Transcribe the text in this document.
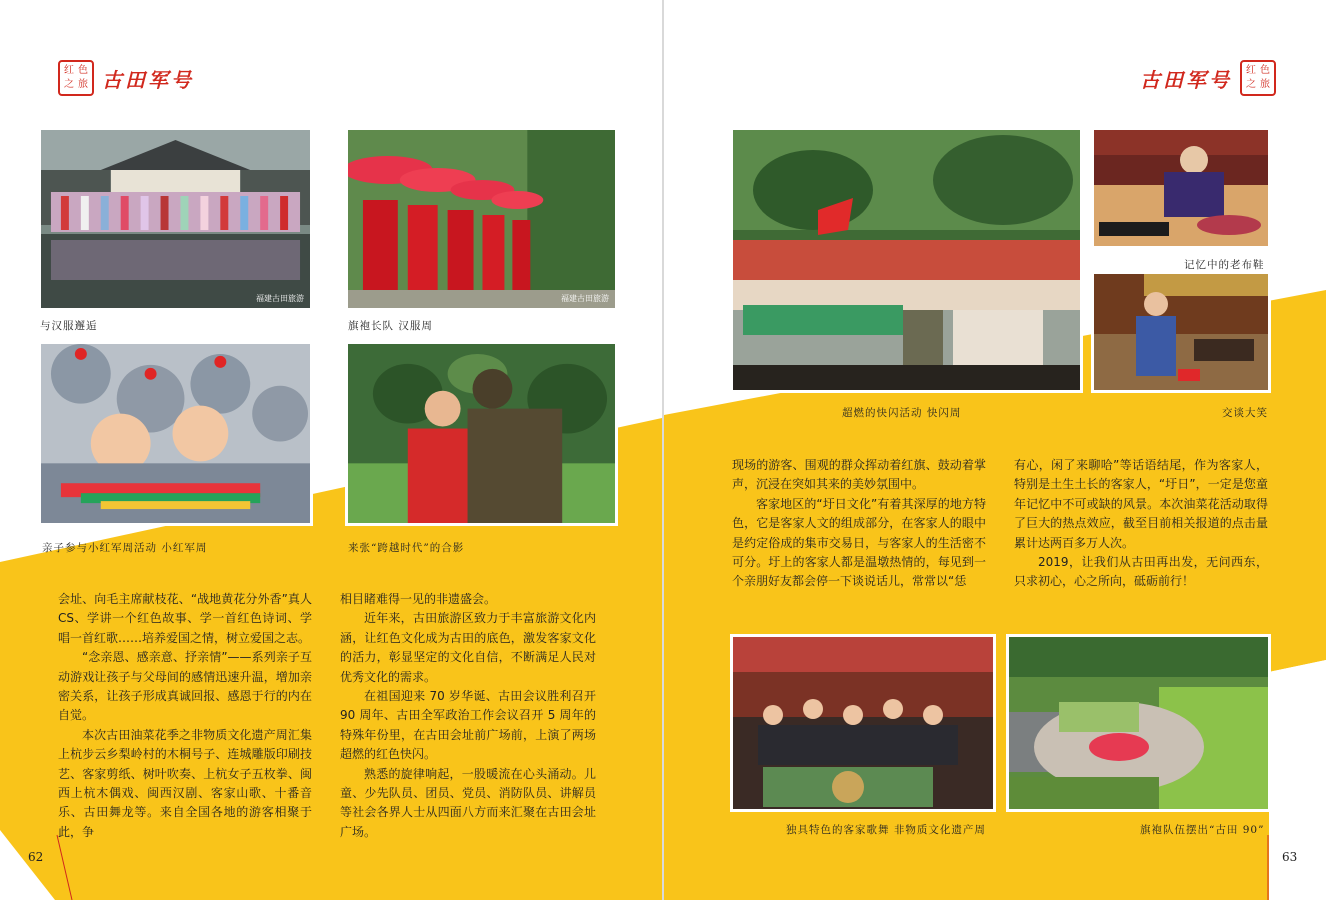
红 色
之 旅 古田军号
福建古田旅游
与汉服邂逅
福建古田旅游
旗袍长队 汉服周
亲子参与小红军周活动 小红军周	来张“跨越时代”的合影

会址、向毛主席献枝花、“战地黄花分外香”真人 CS、学讲一个红色故事、学一首红色诗词、学唱一首红歌……培养爱国之情，树立爱国之志。

“念亲恩、感亲意、抒亲情”——系列亲子互动游戏让孩子与父母间的感情迅速升温，增加亲密关系，让孩子形成真诚回报、感恩于行的内在自觉。

本次古田油菜花季之非物质文化遗产周汇集上杭步云乡梨岭村的木桐号子、连城雕版印刷技艺、客家剪纸、树叶吹奏、上杭女子五枚拳、闽西上杭木偶戏、闽西汉剧、客家山歌、十番音乐、古田舞龙等。来自全国各地的游客相聚于此，争

相目睹难得一见的非遗盛会。

近年来，古田旅游区致力于丰富旅游文化内涵，让红色文化成为古田的底色，激发客家文化的活力，彰显坚定的文化自信，不断满足人民对优秀文化的需求。

在祖国迎来 70 岁华诞、古田会议胜利召开 90 周年、古田全军政治工作会议召开 5 周年的特殊年份里，在古田会址前广场前，上演了两场超燃的红色快闪。

熟悉的旋律响起，一股暖流在心头涌动。儿童、少先队员、团员、党员、消防队员、讲解员等社会各界人士从四面八方而来汇聚在古田会址广场。

62
古田军号 红 色
之 旅
超燃的快闪活动 快闪周
记忆中的老布鞋
交谈大笑

现场的游客、围观的群众挥动着红旗、鼓动着掌声，沉浸在突如其来的美妙氛围中。

客家地区的“圩日文化”有着其深厚的地方特色，它是客家人文的组成部分，在客家人的眼中是约定俗成的集市交易日，与客家人的生活密不可分。圩上的客家人都是温墩热情的，每见到一个亲朋好友都会停一下谈说话儿，常常以“恁

有心，闲了来聊哈”等话语结尾，作为客家人，特别是土生土长的客家人，“圩日”，一定是您童年记忆中不可或缺的风景。本次油菜花活动取得了巨大的热点效应，截至目前相关报道的点击量累计达两百多万人次。

2019，让我们从古田再出发，无问西东，只求初心，心之所向，砥砺前行！

独具特色的客家歌舞 非物质文化遗产周	旗袍队伍摆出“古田 90”
63
